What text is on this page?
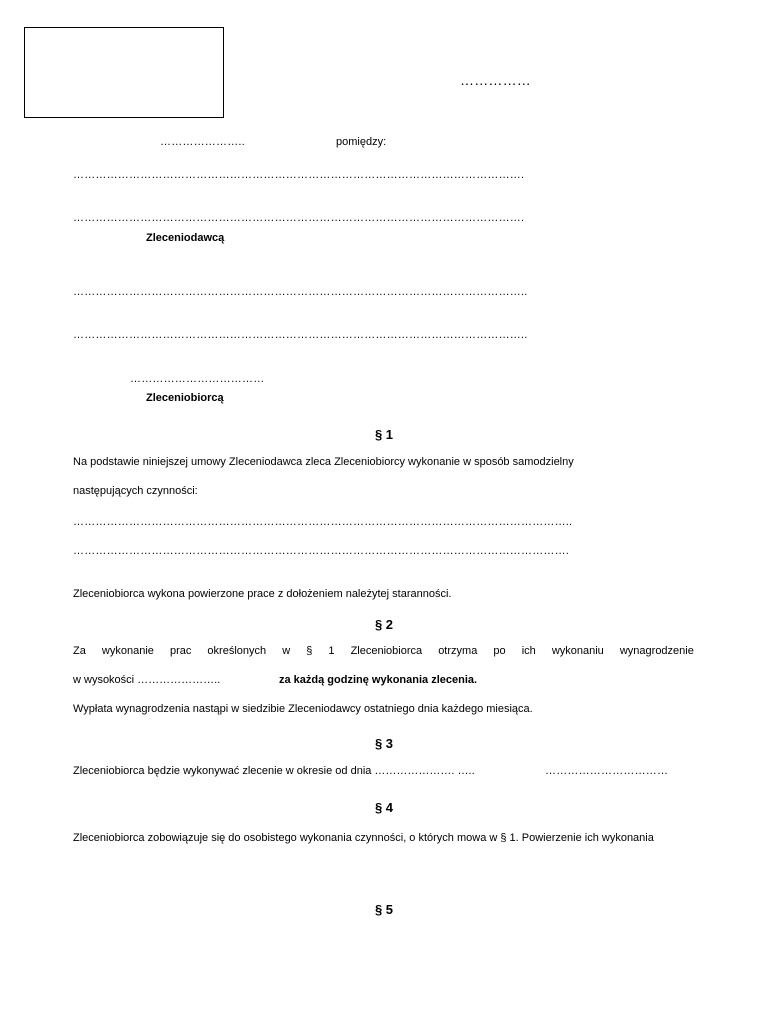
……………
…………………..	pomiędzy:
………………………………………………………………………………………………………….
………………………………………………………………………………………………………….
Zleceniodawcą
…………………………………………………………………………………………………………..
…………………………………………………………………………………………………………..
………………………………
Zleceniobiorcą
§ 1
Na podstawie niniejszej umowy Zleceniodawca zleca Zleceniobiorcy wykonanie w sposób samodzielny
następujących czynności:
……………………………………………………………………………………………………………………..
…………………………………………………………………………………………………………………….
Zleceniobiorca wykona powierzone prace z dołożeniem należytej staranności.
§ 2
Za wykonanie prac określonych w § 1 Zleceniobiorca otrzyma po ich wykonaniu wynagrodzenie
w wysokości …………………..	za każdą godzinę wykonania zlecenia.
Wypłata wynagrodzenia nastąpi w siedzibie Zleceniodawcy ostatniego dnia każdego miesiąca.
§ 3
Zleceniobiorca będzie wykonywać zlecenie w okresie od dnia …………………. …..	……………………………
§ 4
Zleceniobiorca zobowiązuje się do osobistego wykonania czynności, o których mowa w § 1. Powierzenie ich wykonania
§ 5
